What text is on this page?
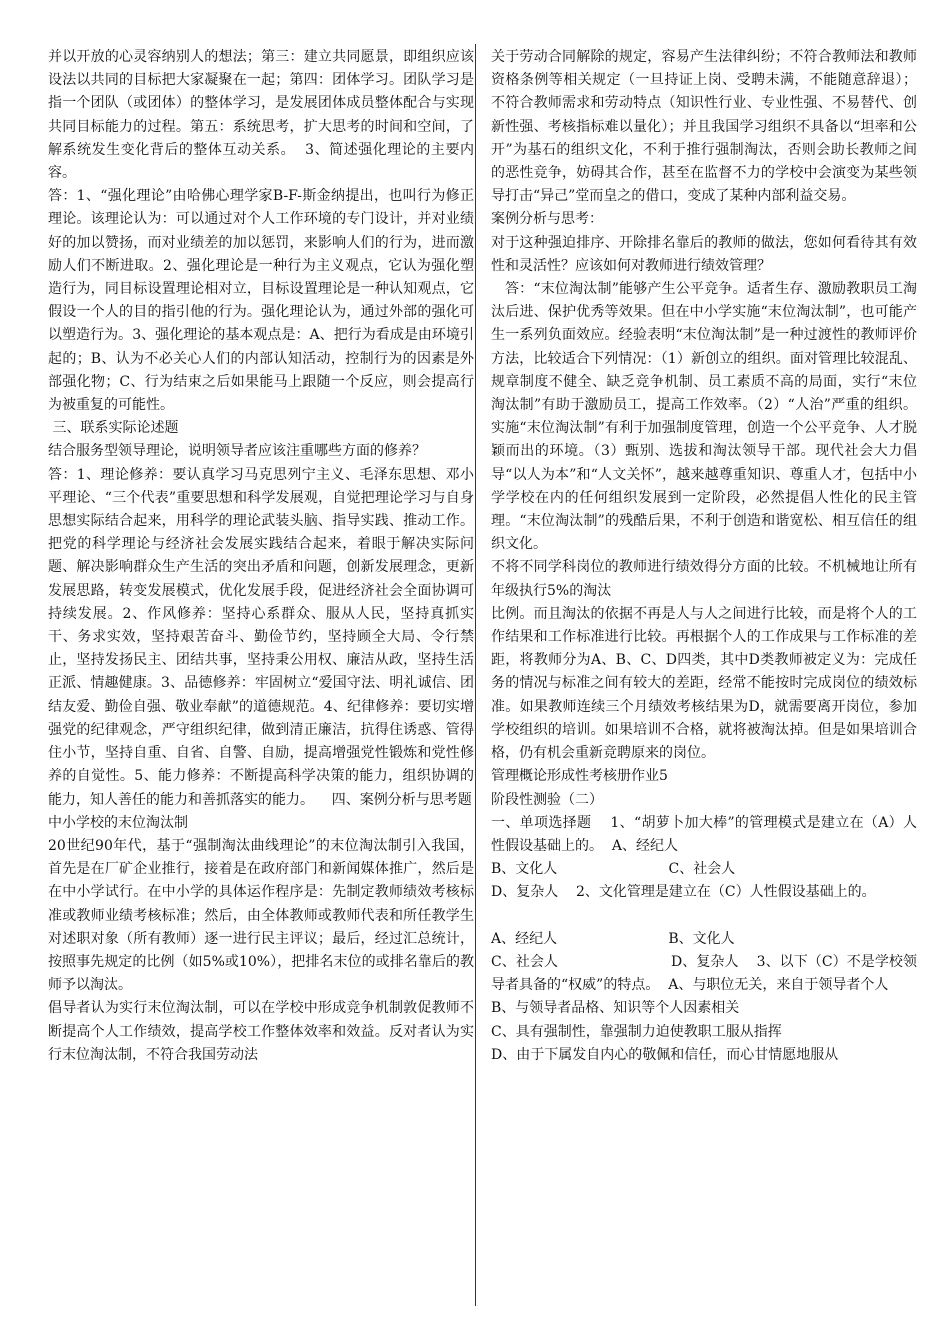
并以开放的心灵容纳别人的想法；第三：建立共同愿景，即组织应该设法以共同的目标把大家凝聚在一起；第四：团体学习。团队学习是指一个团队（或团体）的整体学习，是发展团体成员整体配合与实现共同目标能力的过程。第五：系统思考，扩大思考的时间和空间，了解系统发生变化背后的整体互动关系。  3、简述强化理论的主要内容。

答：1、“强化理论”由哈佛心理学家B-F-斯金纳提出，也叫行为修正理论。该理论认为：可以通过对个人工作环境的专门设计，并对业绩好的加以赞扬，而对业绩差的加以惩罚，来影响人们的行为，进而激励人们不断进取。2、强化理论是一种行为主义观点，它认为强化塑造行为，同目标设置理论相对立，目标设置理论是一种认知观点，它假设一个人的目的指引他的行为。强化理论认为，通过外部的强化可以塑造行为。3、强化理论的基本观点是：A、把行为看成是由环境引起的；B、认为不必关心人们的内部认知活动，控制行为的因素是外部强化物；C、行为结束之后如果能马上跟随一个反应，则会提高行为被重复的可能性。

三、联系实际论述题

结合服务型领导理论，说明领导者应该注重哪些方面的修养？

答：1、理论修养：要认真学习马克思列宁主义、毛泽东思想、邓小平理论、“三个代表”重要思想和科学发展观，自觉把理论学习与自身思想实际结合起来，用科学的理论武装头脑、指导实践、推动工作。把党的科学理论与经济社会发展实践结合起来，着眼于解决实际问题、解决影响群众生产生活的突出矛盾和问题，创新发展理念，更新发展思路，转变发展模式，优化发展手段，促进经济社会全面协调可持续发展。2、作风修养：坚持心系群众、服从人民，坚持真抓实干、务求实效，坚持艰苦奋斗、勤俭节约，坚持顾全大局、令行禁止，坚持发扬民主、团结共事，坚持秉公用权、廉洁从政，坚持生活正派、情趣健康。3、品德修养：牢固树立“爱国守法、明礼诚信、团结友爱、勤俭自强、敬业奉献”的道德规范。4、纪律修养：要切实增强党的纪律观念，严守组织纪律，做到清正廉洁，抗得住诱惑、管得住小节，坚持自重、自省、自警、自励，提高增强党性锻炼和党性修养的自觉性。5、能力修养：不断提高科学决策的能力，组织协调的能力，知人善任的能力和善抓落实的能力。    四、案例分析与思考题

中小学校的末位淘汰制

20世纪90年代，基于“强制淘汰曲线理论”的末位淘汰制引入我国，首先是在厂矿企业推行，接着是在政府部门和新闻媒体推广，然后是在中小学试行。在中小学的具体运作程序是：先制定教师绩效考核标准或教师业绩考核标准；然后，由全体教师或教师代表和所任教学生对述职对象（所有教师）逐一进行民主评议；最后，经过汇总统计，按照事先规定的比例（如5%或10%），把排名末位的或排名靠后的教师予以淘汰。

倡导者认为实行末位淘汰制，可以在学校中形成竞争机制敦促教师不断提高个人工作绩效，提高学校工作整体效率和效益。反对者认为实行末位淘汰制，不符合我国劳动法

关于劳动合同解除的规定，容易产生法律纠纷；不符合教师法和教师资格条例等相关规定（一旦持证上岗、受聘未满，不能随意辞退）；不符合教师需求和劳动特点（知识性行业、专业性强、不易替代、创新性强、考核指标难以量化）；并且我国学习组织不具备以“坦率和公开”为基石的组织文化，不利于推行强制淘汰，否则会助长教师之间的恶性竞争，妨碍其合作，甚至在监督不力的学校中会演变为某些领导打击“异己”堂而皇之的借口，变成了某种内部利益交易。

案例分析与思考：

对于这种强迫排序、开除排名靠后的教师的做法，您如何看待其有效性和灵活性？应该如何对教师进行绩效管理？

答：“末位淘汰制”能够产生公平竞争。适者生存、激励教职员工淘汰后进、保护优秀等效果。但在中小学实施“末位淘汰制”，也可能产生一系列负面效应。经验表明“末位淘汰制”是一种过渡性的教师评价方法，比较适合下列情况：（1）新创立的组织。面对管理比较混乱、规章制度不健全、缺乏竞争机制、员工素质不高的局面，实行“末位淘汰制”有助于激励员工，提高工作效率。（2）“人治”严重的组织。实施“末位淘汰制”有利于加强制度管理，创造一个公平竞争、人才脱颖而出的环境。（3）甄别、选拔和淘汰领导干部。现代社会大力倡导“以人为本”和“人文关怀”，越来越尊重知识、尊重人才，包括中小学学校在内的任何组织发展到一定阶段，必然提倡人性化的民主管理。“末位淘汰制”的残酷后果，不利于创造和谐宽松、相互信任的组织文化。

不将不同学科岗位的教师进行绩效得分方面的比较。不机械地让所有年级执行5%的淘汰

比例。而且淘汰的依据不再是人与人之间进行比较，而是将个人的工作结果和工作标准进行比较。再根据个人的工作成果与工作标准的差距，将教师分为A、B、C、D四类，其中D类教师被定义为：完成任务的情况与标准之间有较大的差距，经常不能按时完成岗位的绩效标准。如果教师连续三个月绩效考核结果为D，就需要离开岗位，参加学校组织的培训。如果培训不合格，就将被淘汰掉。但是如果培训合格，仍有机会重新竞聘原来的岗位。

管理概论形成性考核册作业5

阶段性测验（二）

一、单项选择题    1、“胡萝卜加大棒”的管理模式是建立在（A）人性假设基础上的。  A、经纪人

B、文化人                         C、社会人

D、复杂人    2、文化管理是建立在（C）人性假设基础上的。

A、经纪人                         B、文化人

C、社会人                         D、复杂人    3、以下（C）不是学校领导者具备的“权威”的特点。  A、与职位无关，来自于领导者个人

B、与领导者品格、知识等个人因素相关

C、具有强制性，靠强制力迫使教职工服从指挥

D、由于下属发自内心的敬佩和信任，而心甘情愿地服从
